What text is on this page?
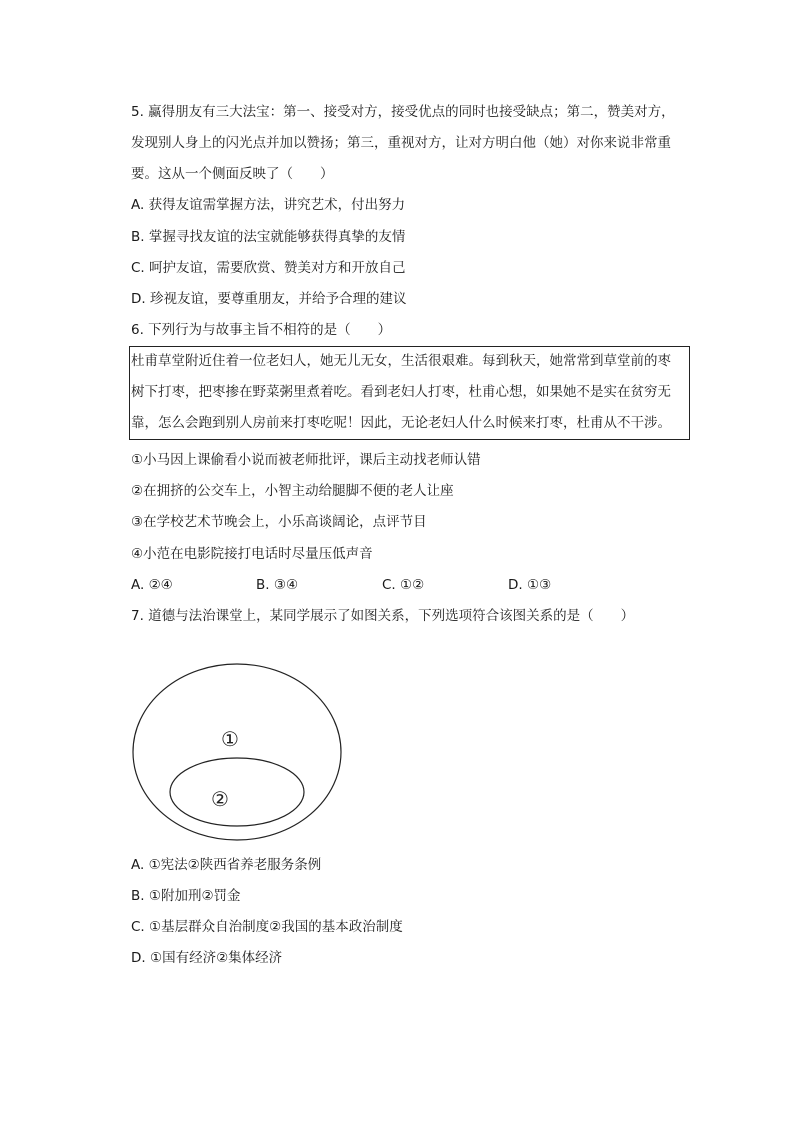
5. 赢得朋友有三大法宝：第一、接受对方，接受优点的同时也接受缺点；第二，赞美对方，
发现别人身上的闪光点并加以赞扬；第三，重视对方，让对方明白他（她）对你来说非常重
要。这从一个侧面反映了（　　）
A. 获得友谊需掌握方法，讲究艺术，付出努力
B. 掌握寻找友谊的法宝就能够获得真挚的友情
C. 呵护友谊，需要欣赏、赞美对方和开放自己
D. 珍视友谊，要尊重朋友，并给予合理的建议
6. 下列行为与故事主旨不相符的是（　　）
杜甫草堂附近住着一位老妇人，她无儿无女，生活很艰难。每到秋天，她常常到草堂前的枣
树下打枣，把枣掺在野菜粥里煮着吃。看到老妇人打枣，杜甫心想，如果她不是实在贫穷无
靠，怎么会跑到别人房前来打枣吃呢！因此，无论老妇人什么时候来打枣，杜甫从不干涉。
①小马因上课偷看小说而被老师批评，课后主动找老师认错
②在拥挤的公交车上，小智主动给腿脚不便的老人让座
③在学校艺术节晚会上，小乐高谈阔论，点评节目
④小范在电影院接打电话时尽量压低声音
A. ②④	B. ③④	C. ①②	D. ①③
7. 道德与法治课堂上，某同学展示了如图关系，下列选项符合该图关系的是（　　）
①
②
A. ①宪法②陕西省养老服务条例
B. ①附加刑②罚金
C. ①基层群众自治制度②我国的基本政治制度
D. ①国有经济②集体经济
